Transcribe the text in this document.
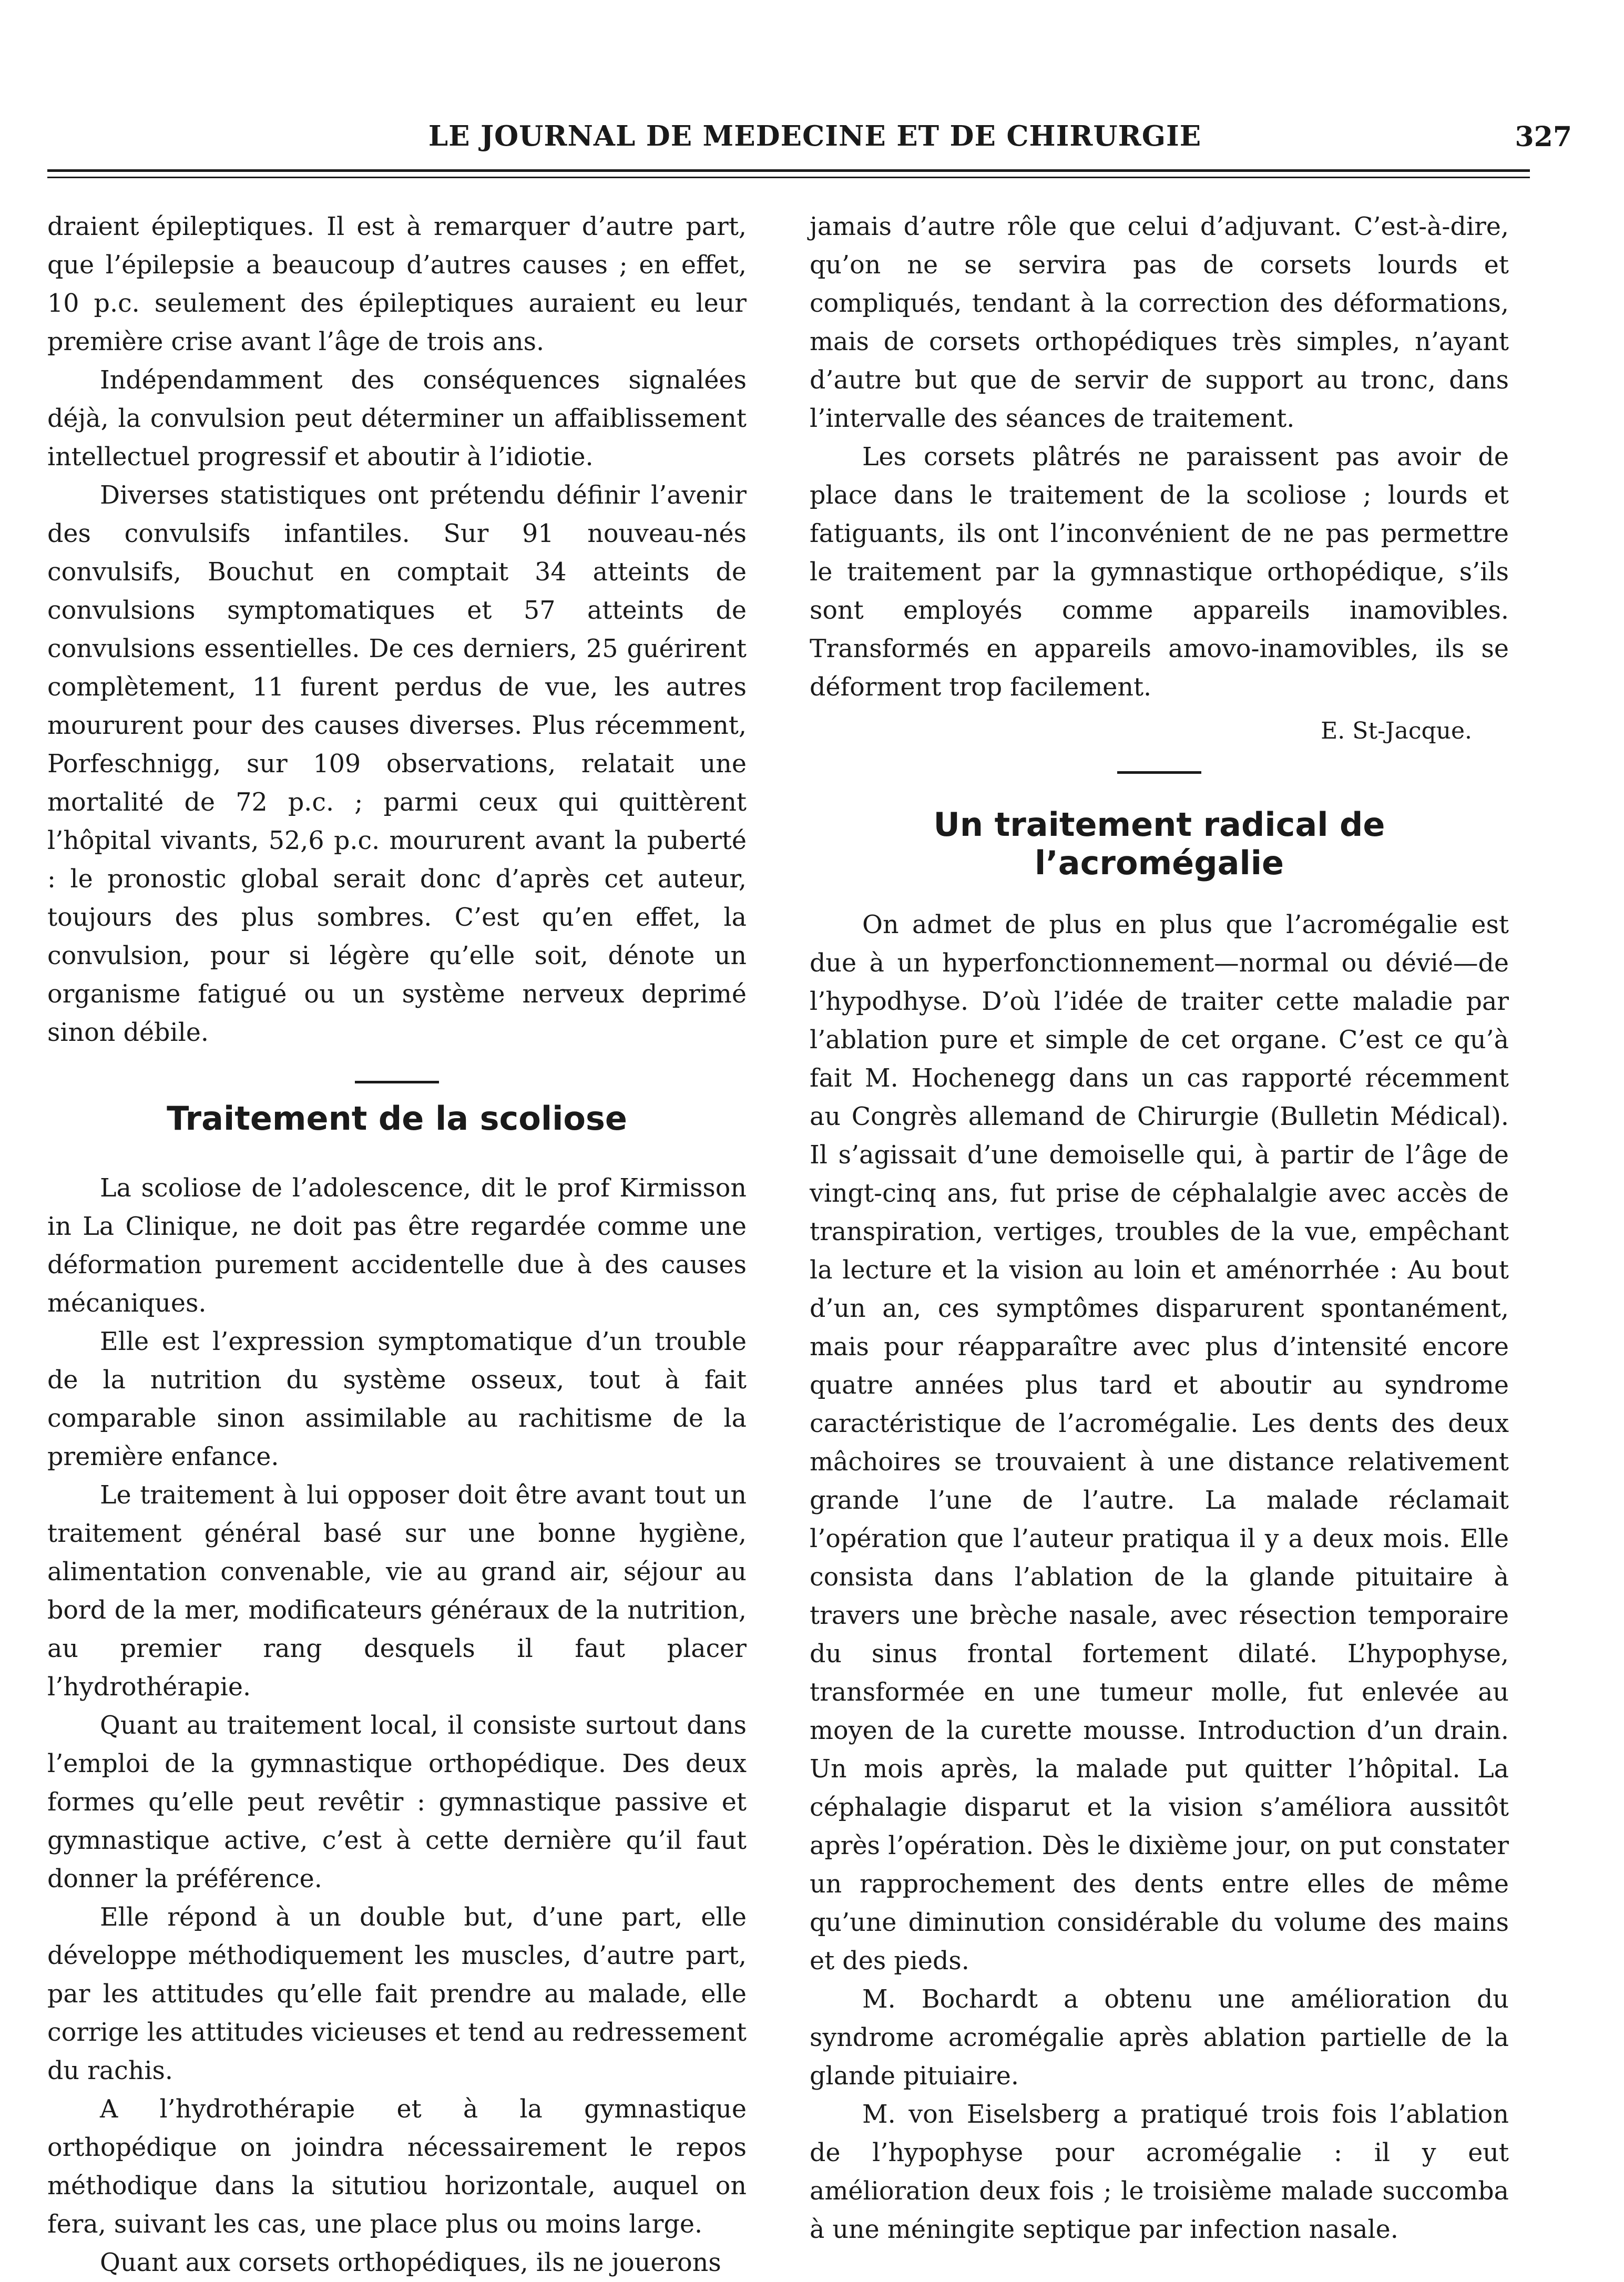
LE JOURNAL DE MEDECINE ET DE CHIRURGIE	327

draient épileptiques. Il est à remarquer d’autre part, que l’épilepsie a beaucoup d’autres causes ; en effet, 10 p.c. seulement des épileptiques auraient eu leur première crise avant l’âge de trois ans.

Indépendamment des conséquences signalées déjà, la convulsion peut déterminer un affaiblissement intellectuel progressif et aboutir à l’idiotie.

Diverses statistiques ont prétendu définir l’avenir des convulsifs infantiles. Sur 91 nouveau-nés convulsifs, Bouchut en comptait 34 atteints de convulsions symptomatiques et 57 atteints de convulsions essentielles. De ces derniers, 25 guérirent complètement, 11 furent perdus de vue, les autres moururent pour des causes diverses. Plus récemment, Porfeschnigg, sur 109 observations, relatait une mortalité de 72 p.c. ; parmi ceux qui quittèrent l’hôpital vivants, 52,6 p.c. moururent avant la puberté : le pronostic global serait donc d’après cet auteur, toujours des plus sombres. C’est qu’en effet, la convulsion, pour si légère qu’elle soit, dénote un organisme fatigué ou un système nerveux deprimé sinon débile.

Traitement de la scoliose

La scoliose de l’adolescence, dit le prof Kirmisson in La Clinique, ne doit pas être regardée comme une déformation purement accidentelle due à des causes mécaniques.

Elle est l’expression symptomatique d’un trouble de la nutrition du système osseux, tout à fait comparable sinon assimilable au rachitisme de la première enfance.

Le traitement à lui opposer doit être avant tout un traitement général basé sur une bonne hygiène, alimentation convenable, vie au grand air, séjour au bord de la mer, modificateurs généraux de la nutrition, au premier rang desquels il faut placer l’hydrothérapie.

Quant au traitement local, il consiste surtout dans l’emploi de la gymnastique orthopédique. Des deux formes qu’elle peut revêtir : gymnastique passive et gymnastique active, c’est à cette dernière qu’il faut donner la préférence.

Elle répond à un double but, d’une part, elle développe méthodiquement les muscles, d’autre part, par les attitudes qu’elle fait prendre au malade, elle corrige les attitudes vicieuses et tend au redressement du rachis.

A l’hydrothérapie et à la gymnastique orthopédique on joindra nécessairement le repos méthodique dans la situtiou horizontale, auquel on fera, suivant les cas, une place plus ou moins large.

Quant aux corsets orthopédiques, ils ne jouerons

jamais d’autre rôle que celui d’adjuvant. C’est-à-dire, qu’on ne se servira pas de corsets lourds et compliqués, tendant à la correction des déformations, mais de corsets orthopédiques très simples, n’ayant d’autre but que de servir de support au tronc, dans l’intervalle des séances de traitement.

Les corsets plâtrés ne paraissent pas avoir de place dans le traitement de la scoliose ; lourds et fatiguants, ils ont l’inconvénient de ne pas permettre le traitement par la gymnastique orthopédique, s’ils sont employés comme appareils inamovibles. Transformés en appareils amovo-inamovibles, ils se déforment trop facilement.

E. St-Jacque.
Un traitement radical de l’acromégalie

On admet de plus en plus que l’acromégalie est due à un hyperfonctionnement—normal ou dévié—de l’hypodhyse. D’où l’idée de traiter cette maladie par l’ablation pure et simple de cet organe. C’est ce qu’à fait M. Hochenegg dans un cas rapporté récemment au Congrès allemand de Chirurgie (Bulletin Médical). Il s’agissait d’une demoiselle qui, à partir de l’âge de vingt-cinq ans, fut prise de céphalalgie avec accès de transpiration, vertiges, troubles de la vue, empêchant la lecture et la vision au loin et aménorrhée : Au bout d’un an, ces symptômes disparurent spontanément, mais pour réapparaître avec plus d’intensité encore quatre années plus tard et aboutir au syndrome caractéristique de l’acromégalie. Les dents des deux mâchoires se trouvaient à une distance relativement grande l’une de l’autre. La malade réclamait l’opération que l’auteur pratiqua il y a deux mois. Elle consista dans l’ablation de la glande pituitaire à travers une brèche nasale, avec résection temporaire du sinus frontal fortement dilaté. L’hypophyse, transformée en une tumeur molle, fut enlevée au moyen de la curette mousse. Introduction d’un drain. Un mois après, la malade put quitter l’hôpital. La céphalagie disparut et la vision s’améliora aussitôt après l’opération. Dès le dixième jour, on put constater un rapprochement des dents entre elles de même qu’une diminution considérable du volume des mains et des pieds.

M. Bochardt a obtenu une amélioration du syndrome acromégalie après ablation partielle de la glande pituiaire.

M. von Eiselsberg a pratiqué trois fois l’ablation de l’hypophyse pour acromégalie : il y eut amélioration deux fois ; le troisième malade succomba à une méningite septique par infection nasale.
